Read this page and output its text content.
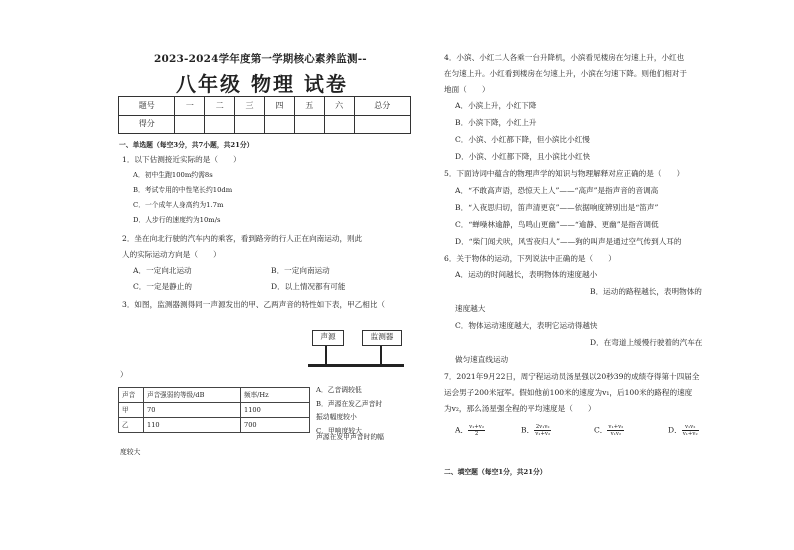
2023-2024学年度第一学期核心素养监测--
八年级 物理 试卷
题号	一	二	三	四	五	六	总分
得分							
一、单选题（每空3分，共7小题，共21分）
1．以下估测接近实际的是（　　）
A．初中生跑100m约需8s
B．考试专用的中性笔长约10dm
C．一个成年人身高约为1.7m
D．人步行的速度约为10m/s
2．坐在向北行驶的汽车内的乘客，看到路旁的行人正在向南运动，则此
人的实际运动方向是（　　）
A．一定向北运动	B．一定向南运动
C．一定是静止的	D．以上情况都有可能
3．如图，监测器测得同一声源发出的甲、乙两声音的特性如下表，甲乙相比（
声源	监测器
）
声音	声音强弱的等级/dB	频率/Hz
甲	70	1100
乙	110	700
A．乙音调较低
B．声源在发乙声音时
振动幅度较小
C．甲响度较大
声源在发甲声音时的幅
度较大
4．小滨、小红二人各乘一台升降机，小滨看见楼房在匀速上升，小红也
在匀速上升。小红看到楼房在匀速上升，小滨在匀速下降。则他们相对于
地面（　　）
A．小滨上升，小红下降
B．小滨下降，小红上升
C．小滨、小红都下降，但小滨比小红慢
D．小滨、小红都下降，且小滨比小红快
5．下面诗词中蕴含的物理声学的知识与物理解释对应正确的是（　　）
A．“不敢高声语，恐惊天上人”——“高声”是指声音的音调高
B．“入夜思归切，笛声清更哀”——依据响度辨别出是“笛声”
C．“蝉噪林逾静，鸟鸣山更幽”——“逾静、更幽”是指音调低
D．“柴门闻犬吠，风雪夜归人”——狗的叫声是通过空气传到人耳的
6．关于物体的运动，下列说法中正确的是（　　）
A．运动的时间越长，表明物体的速度越小
B．运动的路程越长，表明物体的
速度越大
C．物体运动速度越大，表明它运动得越快
D．在弯道上缓慢行驶着的汽车在
做匀速直线运动
7．2021年9月22日，周宁程运动员汤星强以20秒39的成绩夺得第十四届全
运会男子200米冠军。假如他前100米的速度为v₁，后100米的路程的速度
为v₂，那么汤星强全程的平均速度是（　　）
A． $\frac{\text{v₁+v₂}}{2}$	B． $\frac{\text{2v₁v₂}}{\text{v₁+v₂}}$	C． $\frac{\text{v₁+v₂}}{\text{v₁v₂}}$	D． $\frac{\text{v₁v₂}}{\text{v₁+v₂}}$
二、填空题（每空1分，共21分）
